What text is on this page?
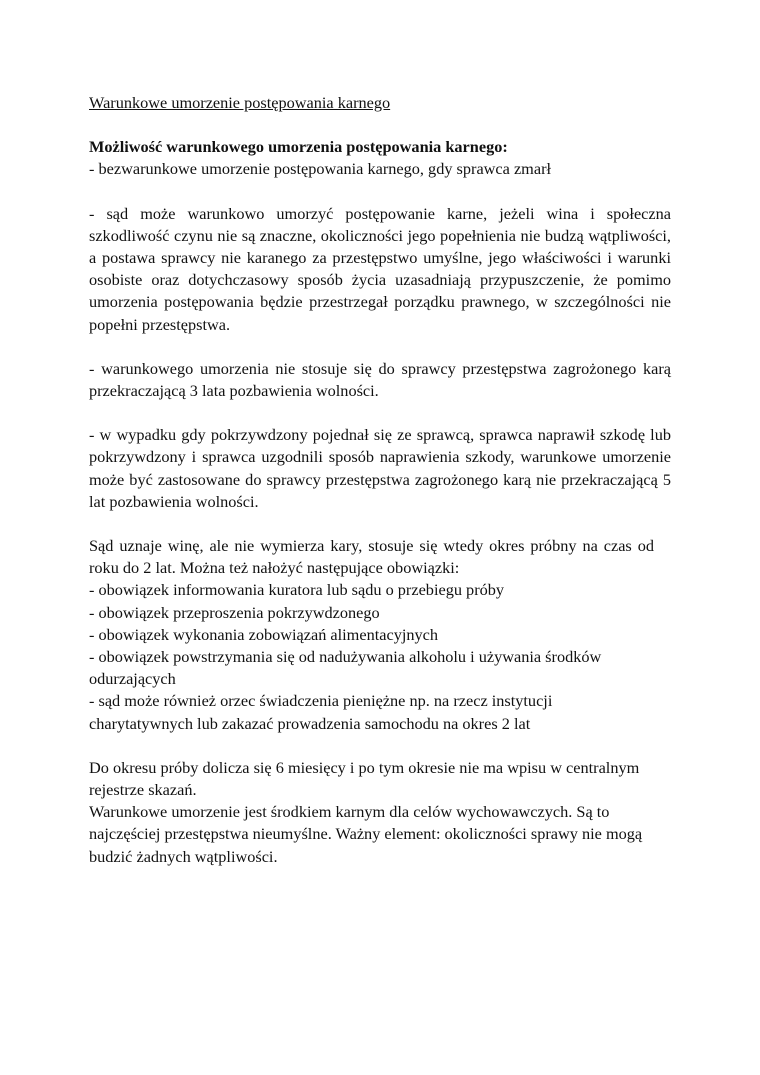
Warunkowe umorzenie postępowania karnego

Możliwość warunkowego umorzenia postępowania karnego:

- bezwarunkowe umorzenie postępowania karnego, gdy sprawca zmarł

- sąd może warunkowo umorzyć postępowanie karne, jeżeli wina i społeczna szkodliwość czynu nie są znaczne, okoliczności jego popełnienia nie budzą wątpliwości, a postawa sprawcy nie karanego za przestępstwo umyślne, jego właściwości i warunki osobiste oraz dotychczasowy sposób życia uzasadniają przypuszczenie, że pomimo umorzenia postępowania będzie przestrzegał porządku prawnego, w szczególności nie popełni przestępstwa.

- warunkowego umorzenia nie stosuje się do sprawcy przestępstwa zagrożonego karą przekraczającą 3 lata pozbawienia wolności.

- w wypadku gdy pokrzywdzony pojednał się ze sprawcą, sprawca naprawił szkodę lub pokrzywdzony i sprawca uzgodnili sposób naprawienia szkody, warunkowe umorzenie może być zastosowane do sprawcy przestępstwa zagrożonego karą nie przekraczającą 5 lat pozbawienia wolności.

Sąd uznaje winę, ale nie wymierza kary, stosuje się wtedy okres próbny na czas od roku do 2 lat. Można też nałożyć następujące obowiązki:

- obowiązek informowania kuratora lub sądu o przebiegu próby
- obowiązek przeproszenia pokrzywdzonego
- obowiązek wykonania zobowiązań alimentacyjnych
- obowiązek powstrzymania się od nadużywania alkoholu i używania środków odurzających
- sąd może również orzec świadczenia pieniężne np. na rzecz instytucji charytatywnych lub zakazać prowadzenia samochodu na okres 2 lat

Do okresu próby dolicza się 6 miesięcy i po tym okresie nie ma wpisu w centralnym rejestrze skazań.

Warunkowe umorzenie jest środkiem karnym dla celów wychowawczych. Są to najczęściej przestępstwa nieumyślne. Ważny element: okoliczności sprawy nie mogą budzić żadnych wątpliwości.
